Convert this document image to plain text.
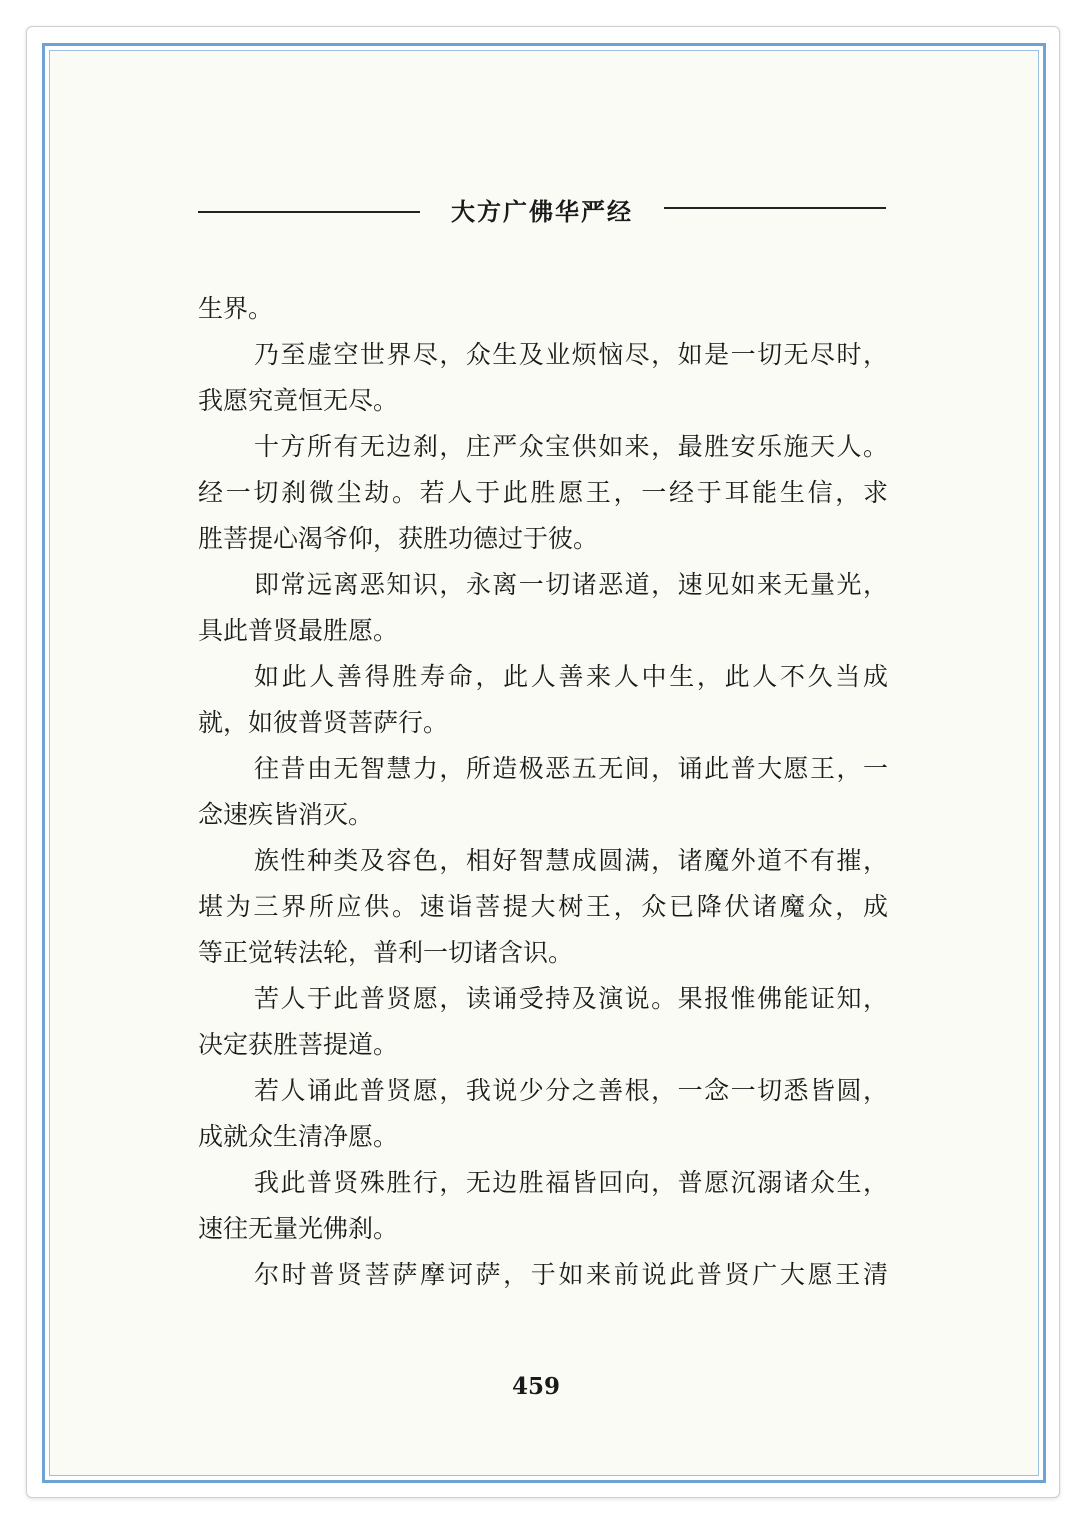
大方广佛华严经
生界。
乃至虚空世界尽，众生及业烦恼尽，如是一切无尽时，
我愿究竟恒无尽。
十方所有无边刹，庄严众宝供如来，最胜安乐施天人。
经一切刹微尘劫。若人于此胜愿王，一经于耳能生信，求
胜菩提心渴爷仰，获胜功德过于彼。
即常远离恶知识，永离一切诸恶道，速见如来无量光，
具此普贤最胜愿。
如此人善得胜寿命，此人善来人中生，此人不久当成
就，如彼普贤菩萨行。
往昔由无智慧力，所造极恶五无间，诵此普大愿王，一
念速疾皆消灭。
族性种类及容色，相好智慧成圆满，诸魔外道不有摧，
堪为三界所应供。速诣菩提大树王，众已降伏诸魔众，成
等正觉转法轮，普利一切诸含识。
苦人于此普贤愿，读诵受持及演说。果报惟佛能证知，
决定获胜菩提道。
若人诵此普贤愿，我说少分之善根，一念一切悉皆圆，
成就众生清净愿。
我此普贤殊胜行，无边胜福皆回向，普愿沉溺诸众生，
速往无量光佛刹。
尔时普贤菩萨摩诃萨，于如来前说此普贤广大愿王清
459
